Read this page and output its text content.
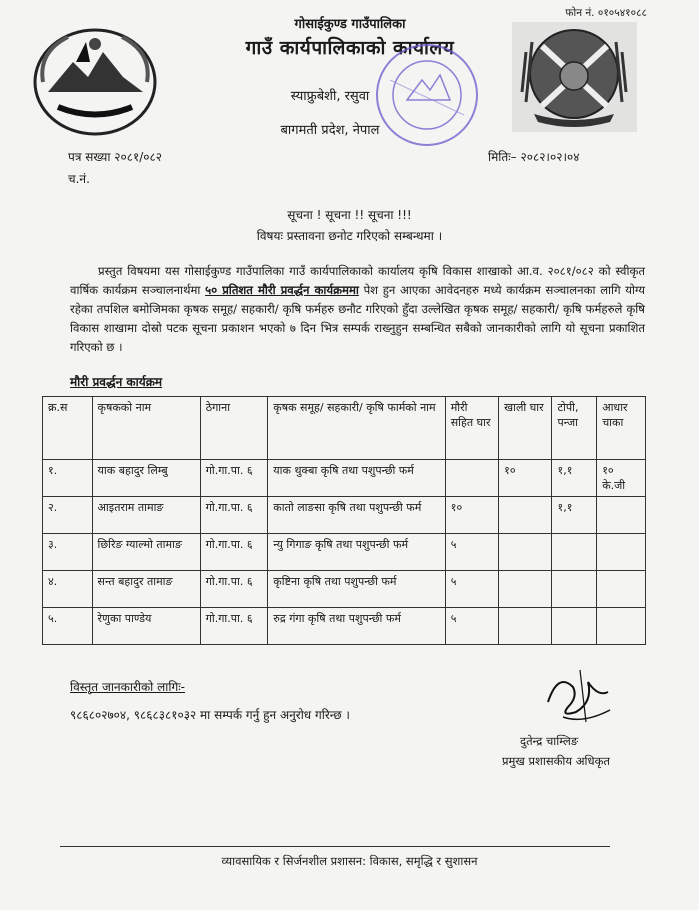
फोन नं. ०१०५४१०८८
गोसाईकुण्ड गाउँपालिका
गाउँ कार्यपालिकाको कार्यालय
स्याफ्रुबेशी, रसुवा
बागमती प्रदेश, नेपाल
पत्र सख्या २०८१/०८२
च.नं.
मितिः– २०८२।०२।०४
सूचना ! सूचना !! सूचना !!!
विषयः प्रस्तावना छनोट गरिएको सम्बन्धमा ।
प्रस्तुत विषयमा यस गोसाईकुण्ड गाउँपालिका गाउँ कार्यपालिकाको कार्यालय कृषि विकास शाखाको आ.व. २०८१/०८२ को स्वीकृत वार्षिक कार्यक्रम सञ्चालनार्थमा ५० प्रतिशत मौरी प्रवर्द्धन कार्यक्रममा पेश हुन आएका आवेदनहरु मध्ये कार्यक्रम सञ्चालनका लागि योग्य रहेका तपशिल बमोजिमका कृषक समूह/ सहकारी/ कृषि फर्महरु छनौट गरिएको हुँदा उल्लेखित कृषक समूह/ सहकारी/ कृषि फर्महरुले कृषि विकास शाखामा दोस्रो पटक सूचना प्रकाशन भएको ७ दिन भित्र सम्पर्क राख्नुहुन सम्बन्धित सबैको जानकारीको लागि यो सूचना प्रकाशित गरिएको छ ।
मौरी प्रवर्द्धन कार्यक्रम
क्र.स	कृषकको नाम	ठेगाना	कृषक समूह/ सहकारी/ कृषि फार्मको नाम	मौरी सहित घार	खाली घार	टोपी, पन्जा	आधार चाका
१.	याक बहादुर लिम्बु	गो.गा.पा. ६	याक थुक्बा कृषि तथा पशुपन्छी फर्म		१०	१,१	१० के.जी
२.	आइतराम तामाङ	गो.गा.पा. ६	कातो लाङसा कृषि तथा पशुपन्छी फर्म	१०		१,१	
३.	छिरिङ ग्याल्मो तामाङ	गो.गा.पा. ६	न्यु गिगाङ कृषि तथा पशुपन्छी फर्म	५			
४.	सन्त बहादुर तामाङ	गो.गा.पा. ६	कृष्टिना कृषि तथा पशुपन्छी फर्म	५			
५.	रेणुका पाण्डेय	गो.गा.पा. ६	रुद्र गंगा कृषि तथा पशुपन्छी फर्म	५			
विस्तृत जानकारीको लागिः-
९८६८०२७०४, ९८६८३८१०३२ मा सम्पर्क गर्नु हुन अनुरोध गरिन्छ ।
दुतेन्द्र चाम्लिङ
प्रमुख प्रशासकीय अधिकृत
व्यावसायिक र सिर्जनशील प्रशासन: विकास, समृद्धि र सुशासन
